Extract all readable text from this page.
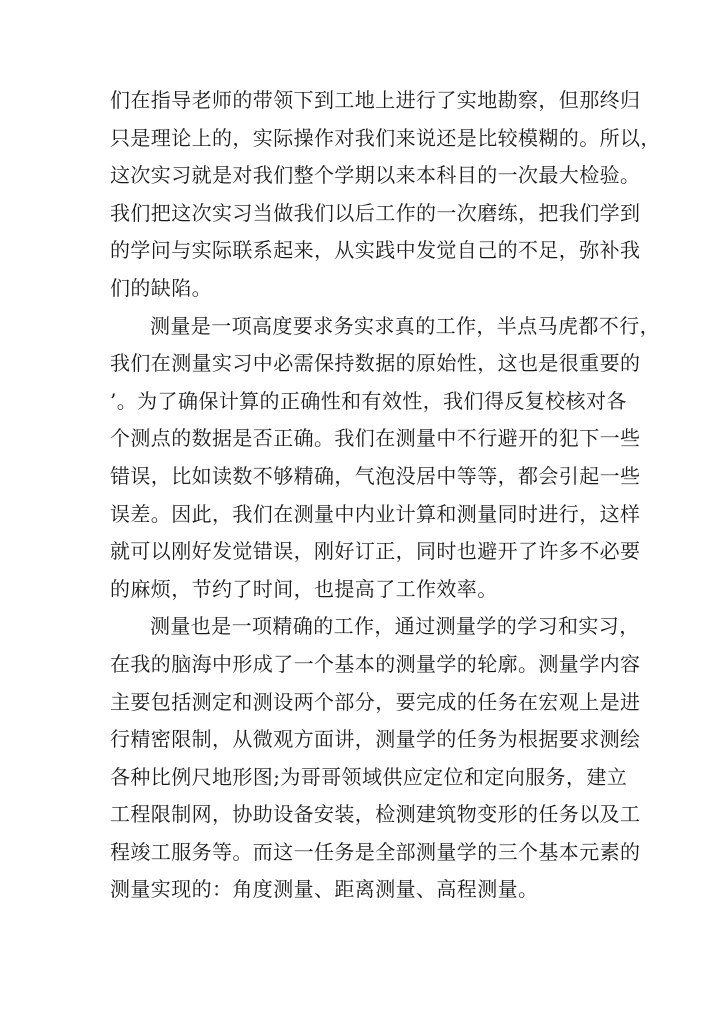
们在指导老师的带领下到工地上进行了实地勘察，但那终归
只是理论上的，实际操作对我们来说还是比较模糊的。所以，
这次实习就是对我们整个学期以来本科目的一次最大检验。
我们把这次实习当做我们以后工作的一次磨练，把我们学到
的学问与实际联系起来，从实践中发觉自己的不足，弥补我
们的缺陷。
测量是一项高度要求务实求真的工作，半点马虎都不行，
我们在测量实习中必需保持数据的原始性，这也是很重要的
’。为了确保计算的正确性和有效性，我们得反复校核对各
个测点的数据是否正确。我们在测量中不行避开的犯下一些
错误，比如读数不够精确，气泡没居中等等，都会引起一些
误差。因此，我们在测量中内业计算和测量同时进行，这样
就可以刚好发觉错误，刚好订正，同时也避开了许多不必要
的麻烦，节约了时间，也提高了工作效率。
测量也是一项精确的工作，通过测量学的学习和实习，
在我的脑海中形成了一个基本的测量学的轮廓。测量学内容
主要包括测定和测设两个部分，要完成的任务在宏观上是进
行精密限制，从微观方面讲，测量学的任务为根据要求测绘
各种比例尺地形图;为哥哥领域供应定位和定向服务，建立
工程限制网，协助设备安装，检测建筑物变形的任务以及工
程竣工服务等。而这一任务是全部测量学的三个基本元素的
测量实现的：角度测量、距离测量、高程测量。
